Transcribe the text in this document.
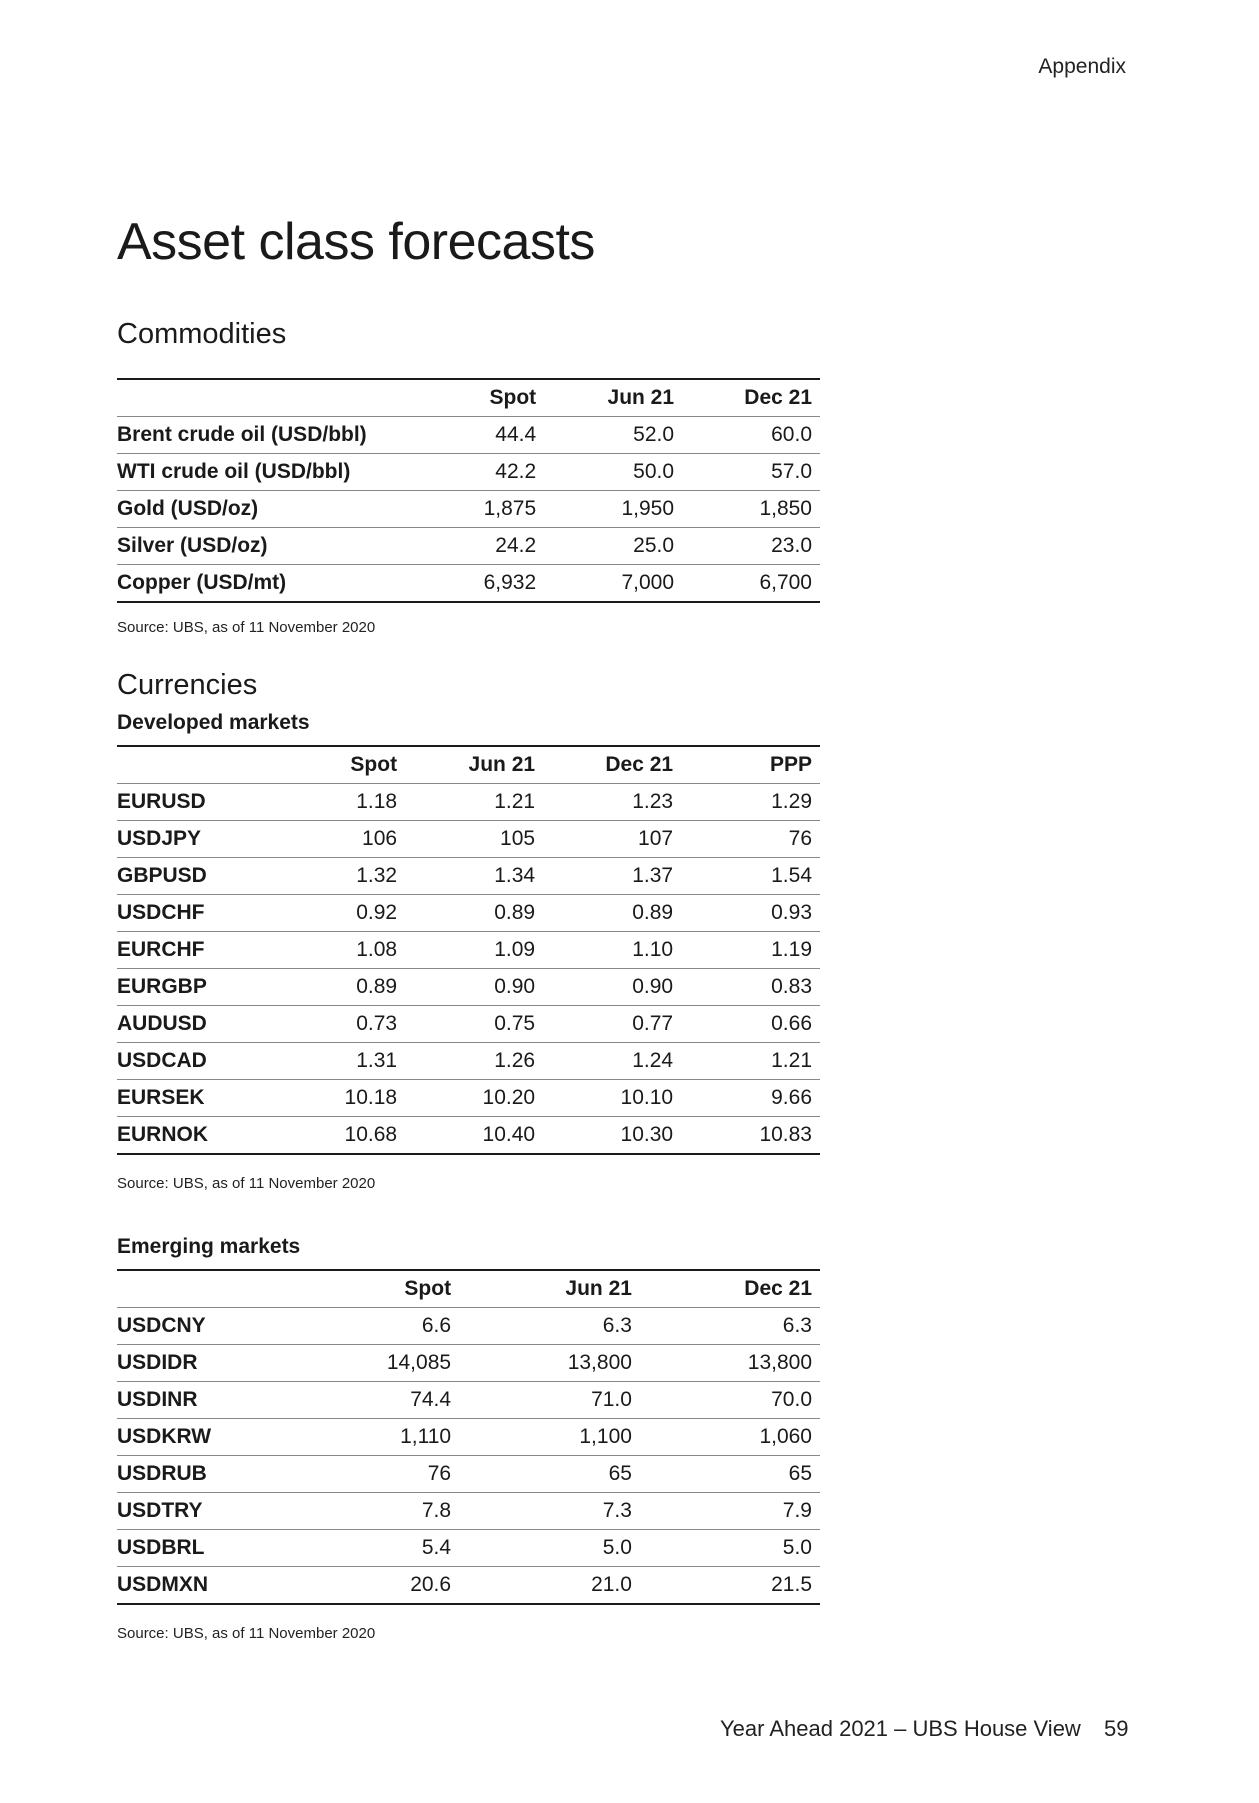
Appendix
Asset class forecasts
Commodities
	Spot	Jun 21	Dec 21
Brent crude oil (USD/bbl)	44.4	52.0	60.0
WTI crude oil (USD/bbl)	42.2	50.0	57.0
Gold (USD/oz)	1,875	1,950	1,850
Silver (USD/oz)	24.2	25.0	23.0
Copper (USD/mt)	6,932	7,000	6,700
Source: UBS, as of 11 November 2020
Currencies
Developed markets
	Spot	Jun 21	Dec 21	PPP
EURUSD	1.18	1.21	1.23	1.29
USDJPY	106	105	107	76
GBPUSD	1.32	1.34	1.37	1.54
USDCHF	0.92	0.89	0.89	0.93
EURCHF	1.08	1.09	1.10	1.19
EURGBP	0.89	0.90	0.90	0.83
AUDUSD	0.73	0.75	0.77	0.66
USDCAD	1.31	1.26	1.24	1.21
EURSEK	10.18	10.20	10.10	9.66
EURNOK	10.68	10.40	10.30	10.83
Source: UBS, as of 11 November 2020
Emerging markets
	Spot	Jun 21	Dec 21
USDCNY	6.6	6.3	6.3
USDIDR	14,085	13,800	13,800
USDINR	74.4	71.0	70.0
USDKRW	1,110	1,100	1,060
USDRUB	76	65	65
USDTRY	7.8	7.3	7.9
USDBRL	5.4	5.0	5.0
USDMXN	20.6	21.0	21.5
Source: UBS, as of 11 November 2020
Year Ahead 2021 – UBS House View 59
